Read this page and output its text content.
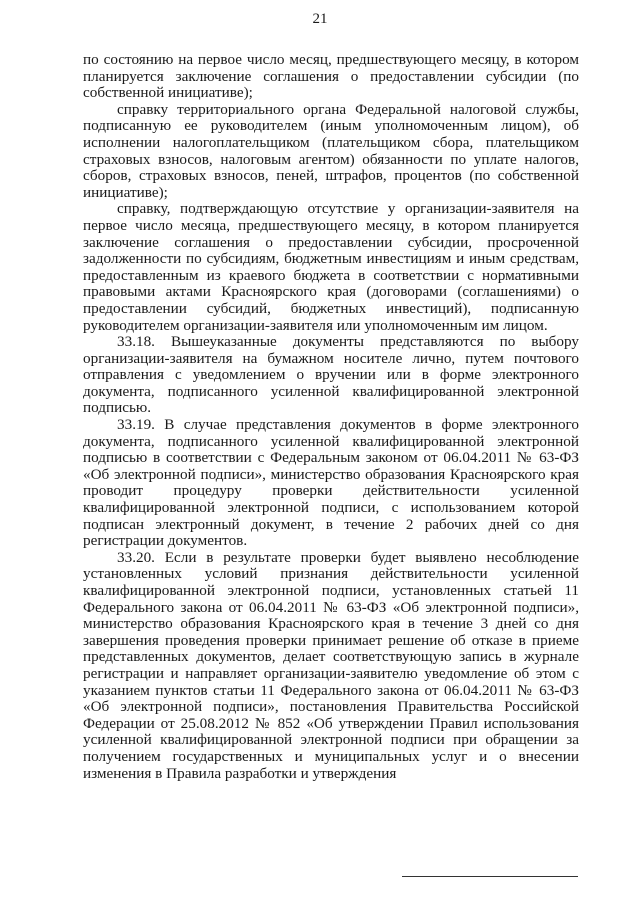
21

по состоянию на первое число месяц, предшествующего месяцу, в котором планируется заключение соглашения о предоставлении субсидии (по собственной инициативе);

справку территориального органа Федеральной налоговой службы, подписанную ее руководителем (иным уполномоченным лицом), об исполнении налогоплательщиком (плательщиком сбора, плательщиком страховых взносов, налоговым агентом) обязанности по уплате налогов, сборов, страховых взносов, пеней, штрафов, процентов (по собственной инициативе);

справку, подтверждающую отсутствие у организации-заявителя на первое число месяца, предшествующего месяцу, в котором планируется заключение соглашения о предоставлении субсидии, просроченной задолженности по субсидиям, бюджетным инвестициям и иным средствам, предоставленным из краевого бюджета в соответствии с нормативными правовыми актами Красноярского края (договорами (соглашениями) о предоставлении субсидий, бюджетных инвестиций), подписанную руководителем организации-заявителя или уполномоченным им лицом.

33.18. Вышеуказанные документы представляются по выбору организации-заявителя на бумажном носителе лично, путем почтового отправления с уведомлением о вручении или в форме электронного документа, подписанного усиленной квалифицированной электронной подписью.

33.19. В случае представления документов в форме электронного документа, подписанного усиленной квалифицированной электронной подписью в соответствии с Федеральным законом от 06.04.2011 № 63-ФЗ «Об электронной подписи», министерство образования Красноярского края проводит процедуру проверки действительности усиленной квалифицированной электронной подписи, с использованием которой подписан электронный документ, в течение 2 рабочих дней со дня регистрации документов.

33.20. Если в результате проверки будет выявлено несоблюдение установленных условий признания действительности усиленной квалифицированной электронной подписи, установленных статьей 11 Федерального закона от 06.04.2011 № 63-ФЗ «Об электронной подписи», министерство образования Красноярского края в течение 3 дней со дня завершения проведения проверки принимает решение об отказе в приеме представленных документов, делает соответствующую запись в журнале регистрации и направляет организации-заявителю уведомление об этом с указанием пунктов статьи 11 Федерального закона от 06.04.2011 № 63-ФЗ «Об электронной подписи», постановления Правительства Российской Федерации от 25.08.2012 № 852 «Об утверждении Правил использования усиленной квалифицированной электронной подписи при обращении за получением государственных и муниципальных услуг и о внесении изменения в Правила разработки и утверждения
